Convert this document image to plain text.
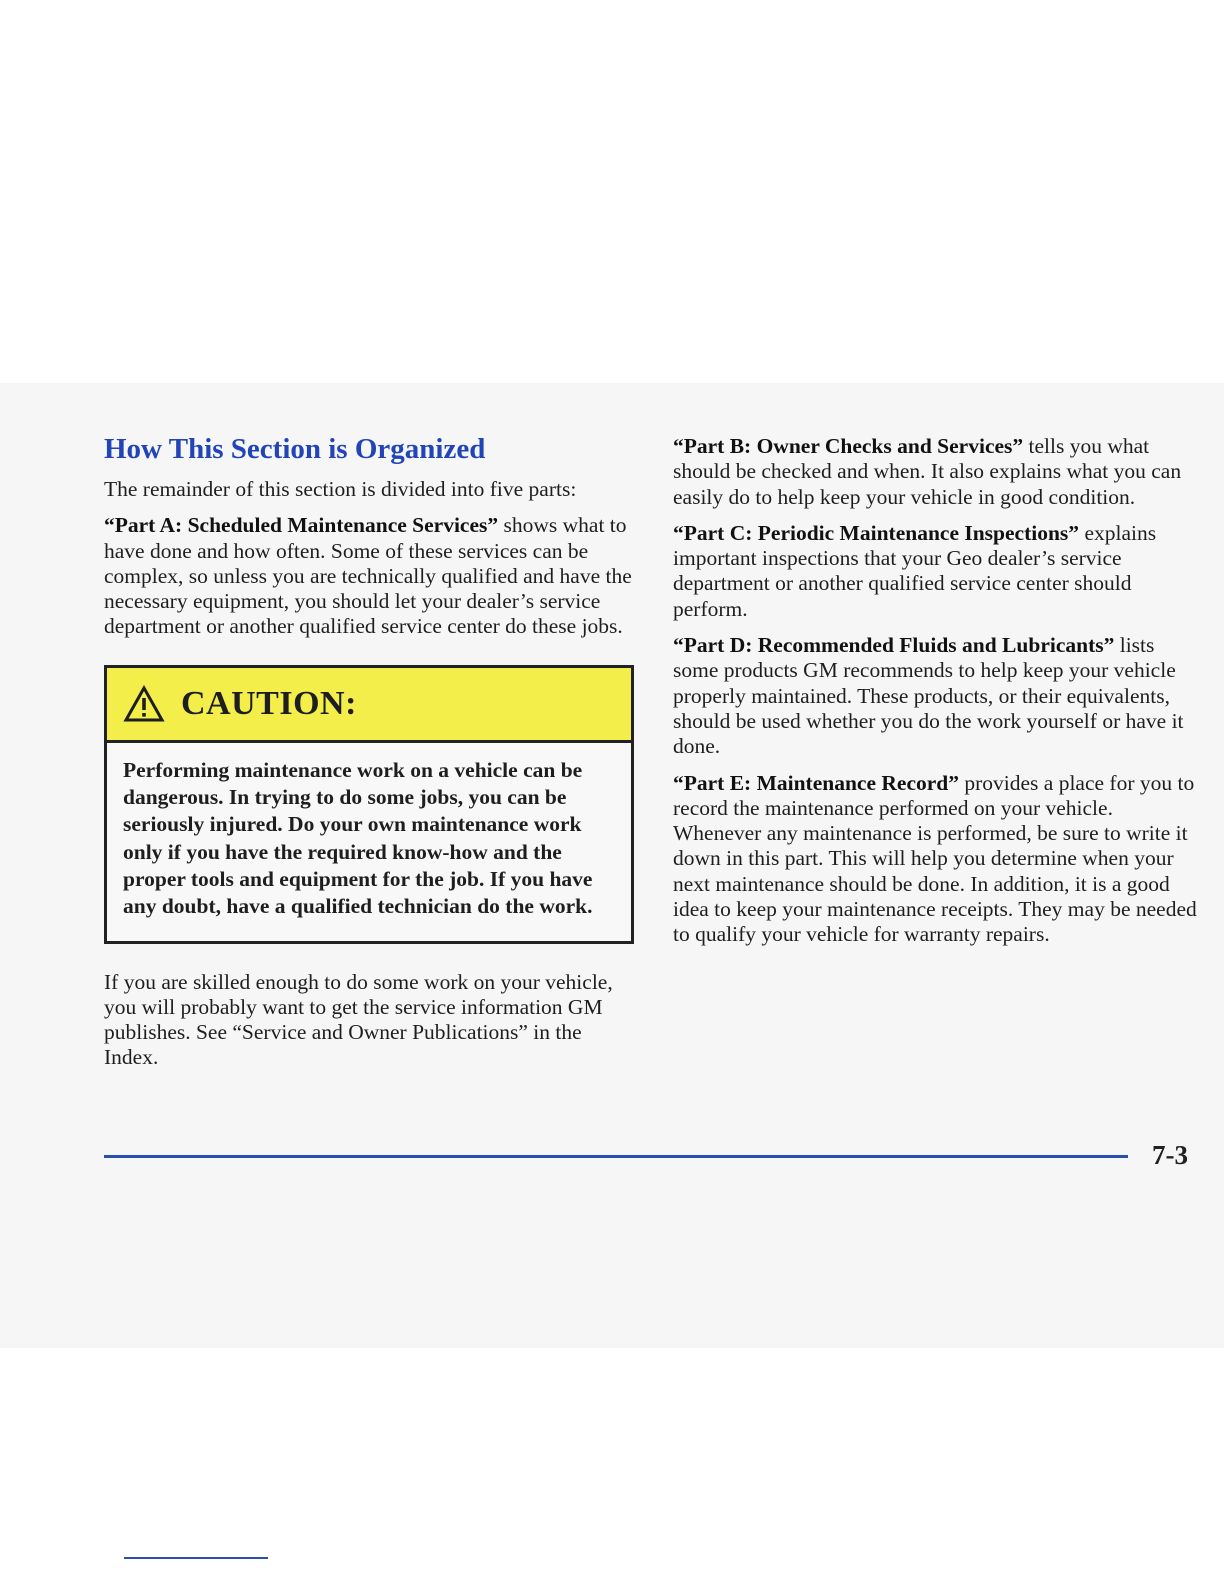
How This Section is Organized

The remainder of this section is divided into five parts:

“Part A: Scheduled Maintenance Services” shows what to have done and how often. Some of these services can be complex, so unless you are technically qualified and have the necessary equipment, you should let your dealer’s service department or another qualified service center do these jobs.

CAUTION:
Performing maintenance work on a vehicle can be dangerous. In trying to do some jobs, you can be seriously injured. Do your own maintenance work only if you have the required know-how and the proper tools and equipment for the job. If you have any doubt, have a qualified technician do the work.

If you are skilled enough to do some work on your vehicle, you will probably want to get the service information GM publishes. See “Service and Owner Publications” in the Index.

“Part B: Owner Checks and Services” tells you what should be checked and when. It also explains what you can easily do to help keep your vehicle in good condition.

“Part C: Periodic Maintenance Inspections” explains important inspections that your Geo dealer’s service department or another qualified service center should perform.

“Part D: Recommended Fluids and Lubricants” lists some products GM recommends to help keep your vehicle properly maintained. These products, or their equivalents, should be used whether you do the work yourself or have it done.

“Part E: Maintenance Record” provides a place for you to record the maintenance performed on your vehicle. Whenever any maintenance is performed, be sure to write it down in this part. This will help you determine when your next maintenance should be done. In addition, it is a good idea to keep your maintenance receipts. They may be needed to qualify your vehicle for warranty repairs.

7-3
